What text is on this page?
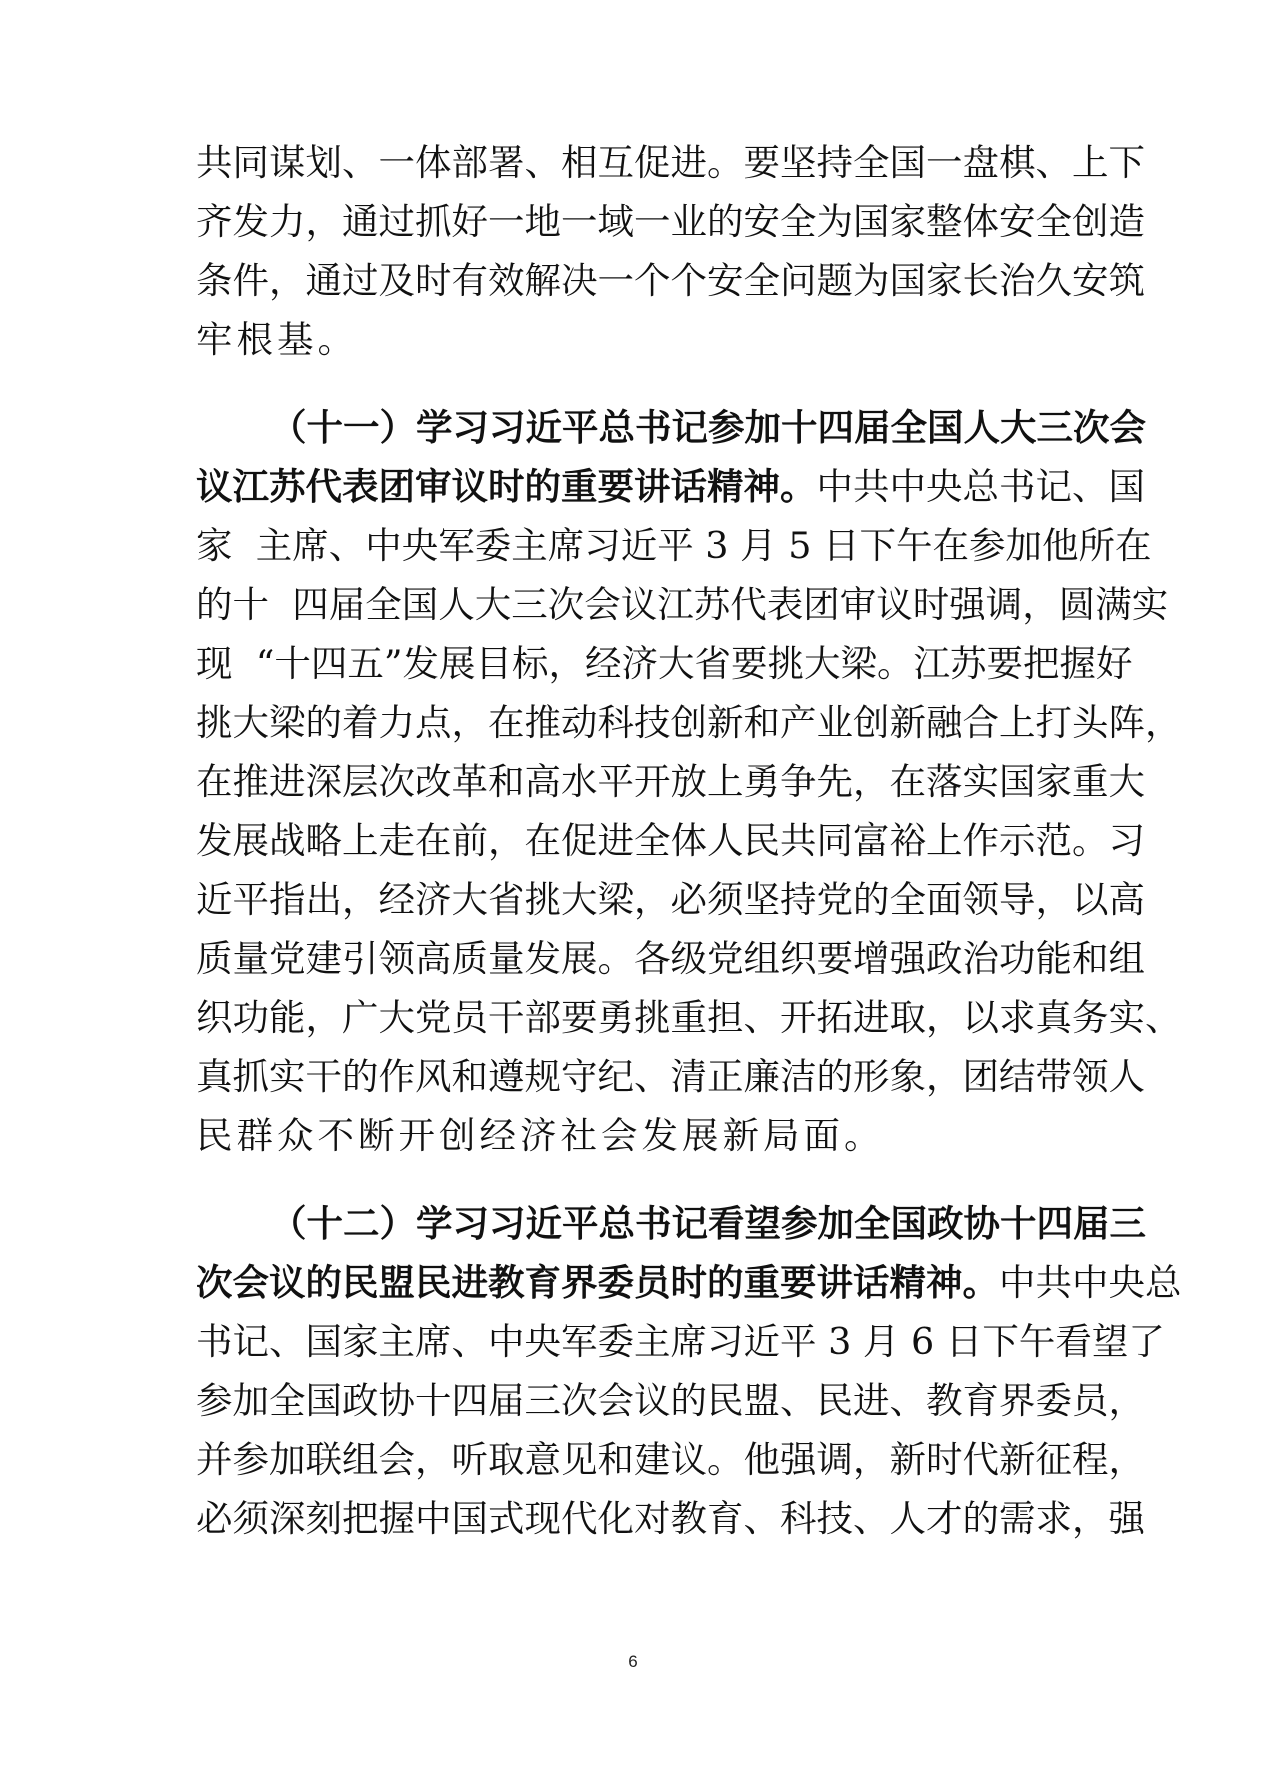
共同谋划、一体部署、相互促进。要坚持全国一盘棋、上下
齐发力，通过抓好一地一域一业的安全为国家整体安全创造
条件，通过及时有效解决一个个安全问题为国家长治久安筑
牢根基。
（十一）学习习近平总书记参加十四届全国人大三次会
议江苏代表团审议时的重要讲话精神。中共中央总书记、国
家  主席、中央军委主席习近平 3 月 5 日下午在参加他所在
的十  四届全国人大三次会议江苏代表团审议时强调，圆满实
现  “十四五”发展目标，经济大省要挑大梁。江苏要把握好
挑大梁的着力点，在推动科技创新和产业创新融合上打头阵，
在推进深层次改革和高水平开放上勇争先，在落实国家重大
发展战略上走在前，在促进全体人民共同富裕上作示范。习
近平指出，经济大省挑大梁，必须坚持党的全面领导，以高
质量党建引领高质量发展。各级党组织要增强政治功能和组
织功能，广大党员干部要勇挑重担、开拓进取，以求真务实、
真抓实干的作风和遵规守纪、清正廉洁的形象，团结带领人
民群众不断开创经济社会发展新局面。
（十二）学习习近平总书记看望参加全国政协十四届三
次会议的民盟民进教育界委员时的重要讲话精神。中共中央总
书记、国家主席、中央军委主席习近平 3 月 6 日下午看望了
参加全国政协十四届三次会议的民盟、民进、教育界委员，
并参加联组会，听取意见和建议。他强调，新时代新征程，
必须深刻把握中国式现代化对教育、科技、人才的需求，强
6
